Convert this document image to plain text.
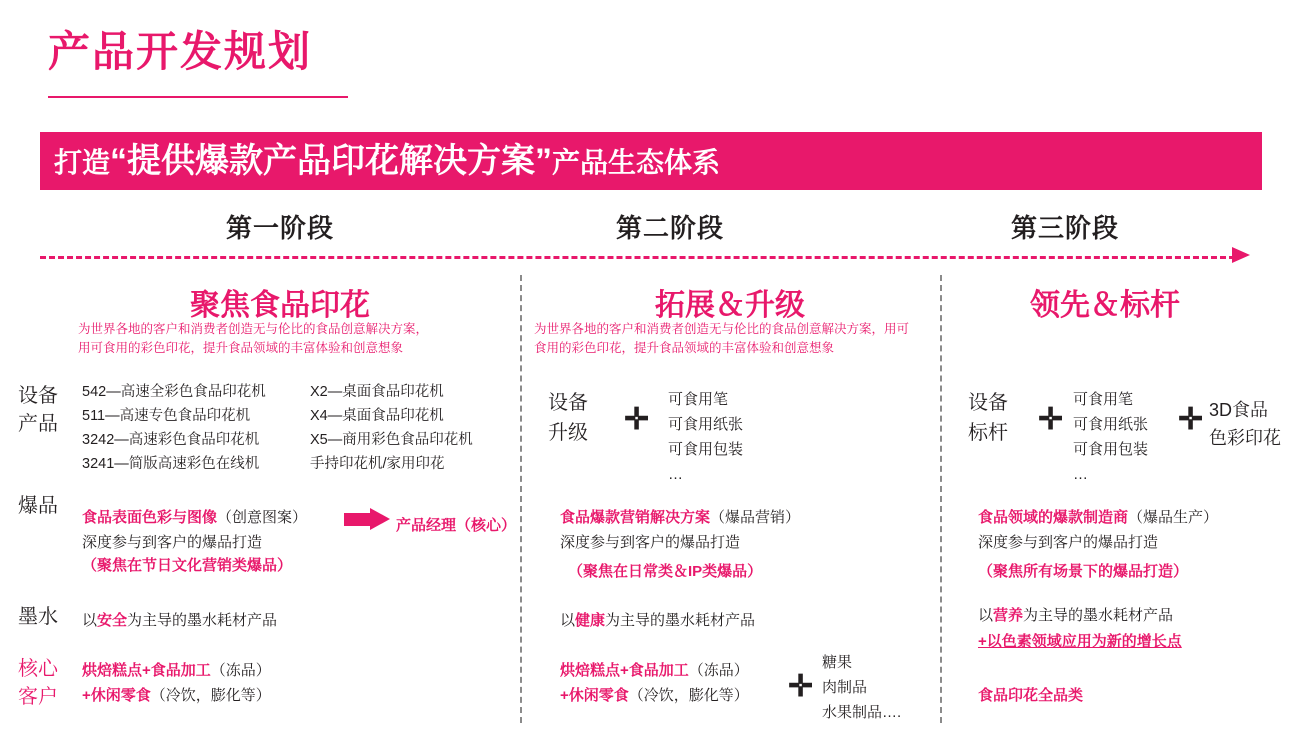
产品开发规划
打造“提供爆款产品印花解决方案”产品生态体系
第一阶段	第二阶段	第三阶段
设备
产品
爆品
墨水
核心
客户
聚焦食品印花
为世界各地的客户和消费者创造无与伦比的食品创意解决方案，用可食用的彩色印花，提升食品领域的丰富体验和创意想象
542—高速全彩色食品印花机
511—高速专色食品印花机
3242—高速彩色食品印花机
3241—简版高速彩色在线机
X2—桌面食品印花机
X4—桌面食品印花机
X5—商用彩色食品印花机
手持印花机/家用印花
食品表面色彩与图像（创意图案）
深度参与到客户的爆品打造
（聚焦在节日文化营销类爆品）
产品经理（核心）
以安全为主导的墨水耗材产品
烘焙糕点+食品加工（冻品）
+休闲零食（冷饮，膨化等）
拓展＆升级
为世界各地的客户和消费者创造无与伦比的食品创意解决方案，用可食用的彩色印花，提升食品领域的丰富体验和创意想象
设备
升级 ✛
可食用笔
可食用纸张
可食用包装
…
食品爆款营销解决方案（爆品营销）
深度参与到客户的爆品打造
（聚焦在日常类＆IP类爆品）
以健康为主导的墨水耗材产品
烘焙糕点+食品加工（冻品）
+休闲零食（冷饮，膨化等） ✛
糖果
肉制品
水果制品….
领先＆标杆
设备
标杆 ✛
可食用笔
可食用纸张
可食用包装
…
✛ 3D食品
色彩印花
食品领域的爆款制造商（爆品生产）
深度参与到客户的爆品打造
（聚焦所有场景下的爆品打造）
以营养为主导的墨水耗材产品
+以色素领域应用为新的增长点
食品印花全品类
